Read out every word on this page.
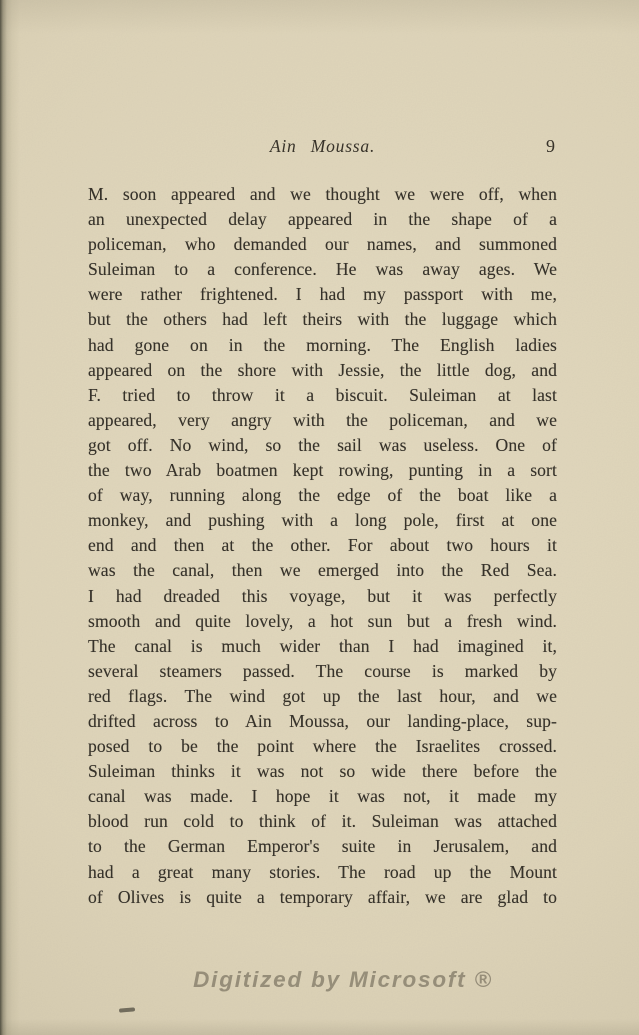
Ain Moussa.	9
M. soon appeared and we thought we were off, when
an unexpected delay appeared in the shape of a
policeman, who demanded our names, and summoned
Suleiman to a conference. He was away ages. We
were rather frightened. I had my passport with me,
but the others had left theirs with the luggage which
had gone on in the morning. The English ladies
appeared on the shore with Jessie, the little dog, and
F. tried to throw it a biscuit. Suleiman at last
appeared, very angry with the policeman, and we
got off. No wind, so the sail was useless. One of
the two Arab boatmen kept rowing, punting in a sort
of way, running along the edge of the boat like a
monkey, and pushing with a long pole, first at one
end and then at the other. For about two hours it
was the canal, then we emerged into the Red Sea.
I had dreaded this voyage, but it was perfectly
smooth and quite lovely, a hot sun but a fresh wind.
The canal is much wider than I had imagined it,
several steamers passed. The course is marked by
red flags. The wind got up the last hour, and we
drifted across to Ain Moussa, our landing-place, sup-
posed to be the point where the Israelites crossed.
Suleiman thinks it was not so wide there before the
canal was made. I hope it was not, it made my
blood run cold to think of it. Suleiman was attached
to the German Emperor's suite in Jerusalem, and
had a great many stories. The road up the Mount
of Olives is quite a temporary affair, we are glad to
Digitized by Microsoft ®
